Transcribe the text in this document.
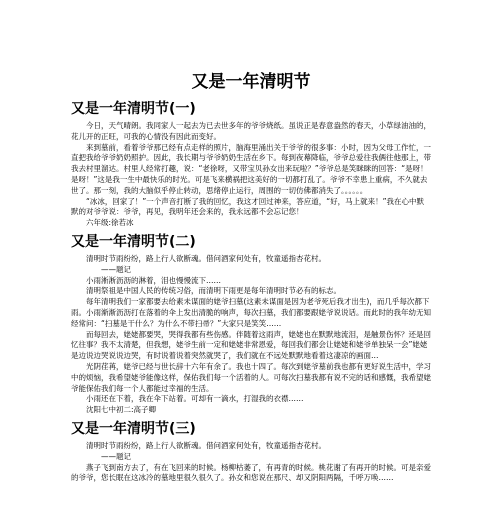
又是一年清明节
又是一年清明节(一)

今日，天气晴朗。我同家人一起去为已去世多年的爷爷烧纸。虽说正是春意盎然的春天，小草绿油油的，花儿开的正旺，可我的心情没有因此而变好。

来到墓前，看着爷爷那已经有点走样的照片，脑海里涌出关于爷爷的很多事：小时，因为父母工作忙，一直把我给爷爷奶奶照护。因此，我长期与爷爷奶奶生活在乡下。每到夜幕降临，爷爷总爱往我俩往他那上，带我去村里溜达。村里人经常打趣，说：“老徐呀，又带宝贝孙女出来玩啦？”爷爷总是笑眯眯的回答：“是呀！是呀！”这是我一生中最快乐的时光。可是飞来横祸把这美好的一切都打乱了。爷爷不幸患上重病，不久就去世了。那一刻，我的大脑似乎停止转动，思绪停止运行，周围的一切仿佛都消失了。。。。。。

“冰冰，回家了！”一个声音打断了我的回忆，我这才回过神来，答应道，“好，马上就来！”我在心中默默的对爷爷说：爷爷，再见，我明年还会来的，我永远都不会忘记您！

六年级:徐若冰

又是一年清明节(二)

清明时节雨纷纷，路上行人欲断魂。借问酒家何处有，牧童遥指杏花村。

——题记

小雨淅淅沥沥的淋着，泪也慢慢流下……

清明祭祖是中国人民的传统习俗，而清明下雨更是每年清明时节必有的标志。

每年清明我们一家都要去给素未谋面的姥爷扫墓(这素未谋面是因为老爷死后我才出生)，而几乎每次都下雨。小雨渐渐沥沥打在落着的伞上发出清脆的响声，每次扫墓，我们都要跟姥爷说说话。而此时的我年幼无知经常问：“扫墓是干什么？为什么不带扫帚？”大家只是笑笑……

而每回去，姥姥都要哭，哭得我都有些伤感。伴随着这雨声，姥姥也在默默地流泪，是触景伤怀？还是回忆往事？我不太清楚，但我想，姥爷生前一定和姥姥非常恩爱，每回我们都会让姥姥和姥爷单独呆一会”姥姥是边说边哭说说边哭，有时说着说着突然就哭了，我们就在不远处默默地看着这凄凉的画面…

光阴荏苒，姥爷已经与世长辞十六年有余了。我也十四了。每次到姥爷墓前我也都有更好说生活中，学习中的烦恼，我希望姥爷能像这样，保佑我们每一个活着的人。可每次扫墓我都有说不完的话和感慨，我希望姥爷能保佑我们每一个人都能过幸福的生活。

小雨还在下着，我在伞下站着。可却有一滴水，打湿我的衣襟……

沈阳七中初二:高子卿

又是一年清明节(三)

清明时节雨纷纷，路上行人欲断魂。借问酒家何处有，牧童遥指杏花村。

——题记

燕子飞到南方去了，有在飞回来的时候。杨柳枯萎了，有再青的时候。桃花谢了有再开的时候。可是亲爱的爷爷，您长眠在这冰冷的墓地里很久很久了。孙女和您说在那尺、却又阴阳两隔，千呼万唤……
